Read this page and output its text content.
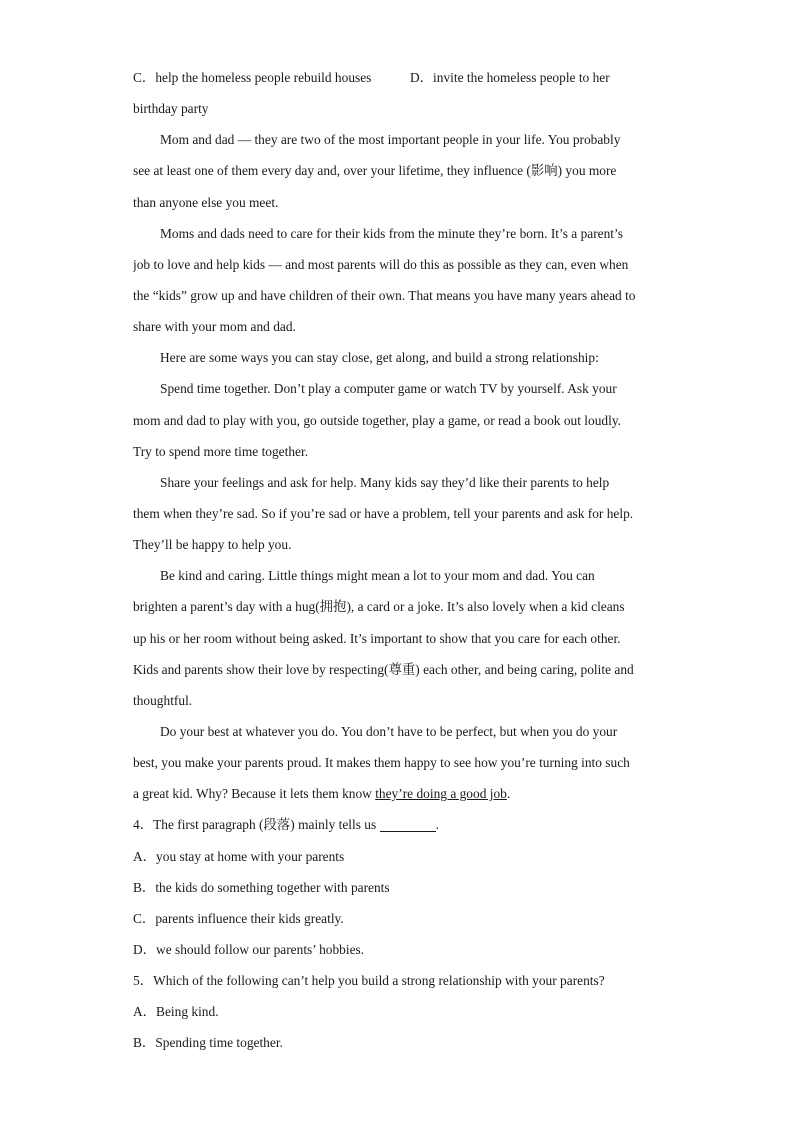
C．help the homeless people rebuild houses	D．invite the homeless people to her
birthday party
Mom and dad — they are two of the most important people in your life. You probably
see at least one of them every day and, over your lifetime, they influence (影响) you more
than anyone else you meet.
Moms and dads need to care for their kids from the minute they’re born. It’s a parent’s
job to love and help kids — and most parents will do this as possible as they can, even when
the “kids” grow up and have children of their own. That means you have many years ahead to
share with your mom and dad.
Here are some ways you can stay close, get along, and build a strong relationship:
Spend time together. Don’t play a computer game or watch TV by yourself. Ask your
mom and dad to play with you, go outside together, play a game, or read a book out loudly.
Try to spend more time together.
Share your feelings and ask for help. Many kids say they’d like their parents to help
them when they’re sad. So if you’re sad or have a problem, tell your parents and ask for help.
They’ll be happy to help you.
Be kind and caring. Little things might mean a lot to your mom and dad. You can
brighten a parent’s day with a hug(拥抱), a card or a joke. It’s also lovely when a kid cleans
up his or her room without being asked. It’s important to show that you care for each other.
Kids and parents show their love by respecting(尊重) each other, and being caring, polite and
thoughtful.
Do your best at whatever you do. You don’t have to be perfect, but when you do your
best, you make your parents proud. It makes them happy to see how you’re turning into such
a great kid. Why? Because it lets them know they’re doing a good job.
4．The first paragraph (段落) mainly tells us	.
A．you stay at home with your parents
B．the kids do something together with parents
C．parents influence their kids greatly.
D．we should follow our parents’ hobbies.
5．Which of the following can’t help you build a strong relationship with your parents?
A．Being kind.
B．Spending time together.
